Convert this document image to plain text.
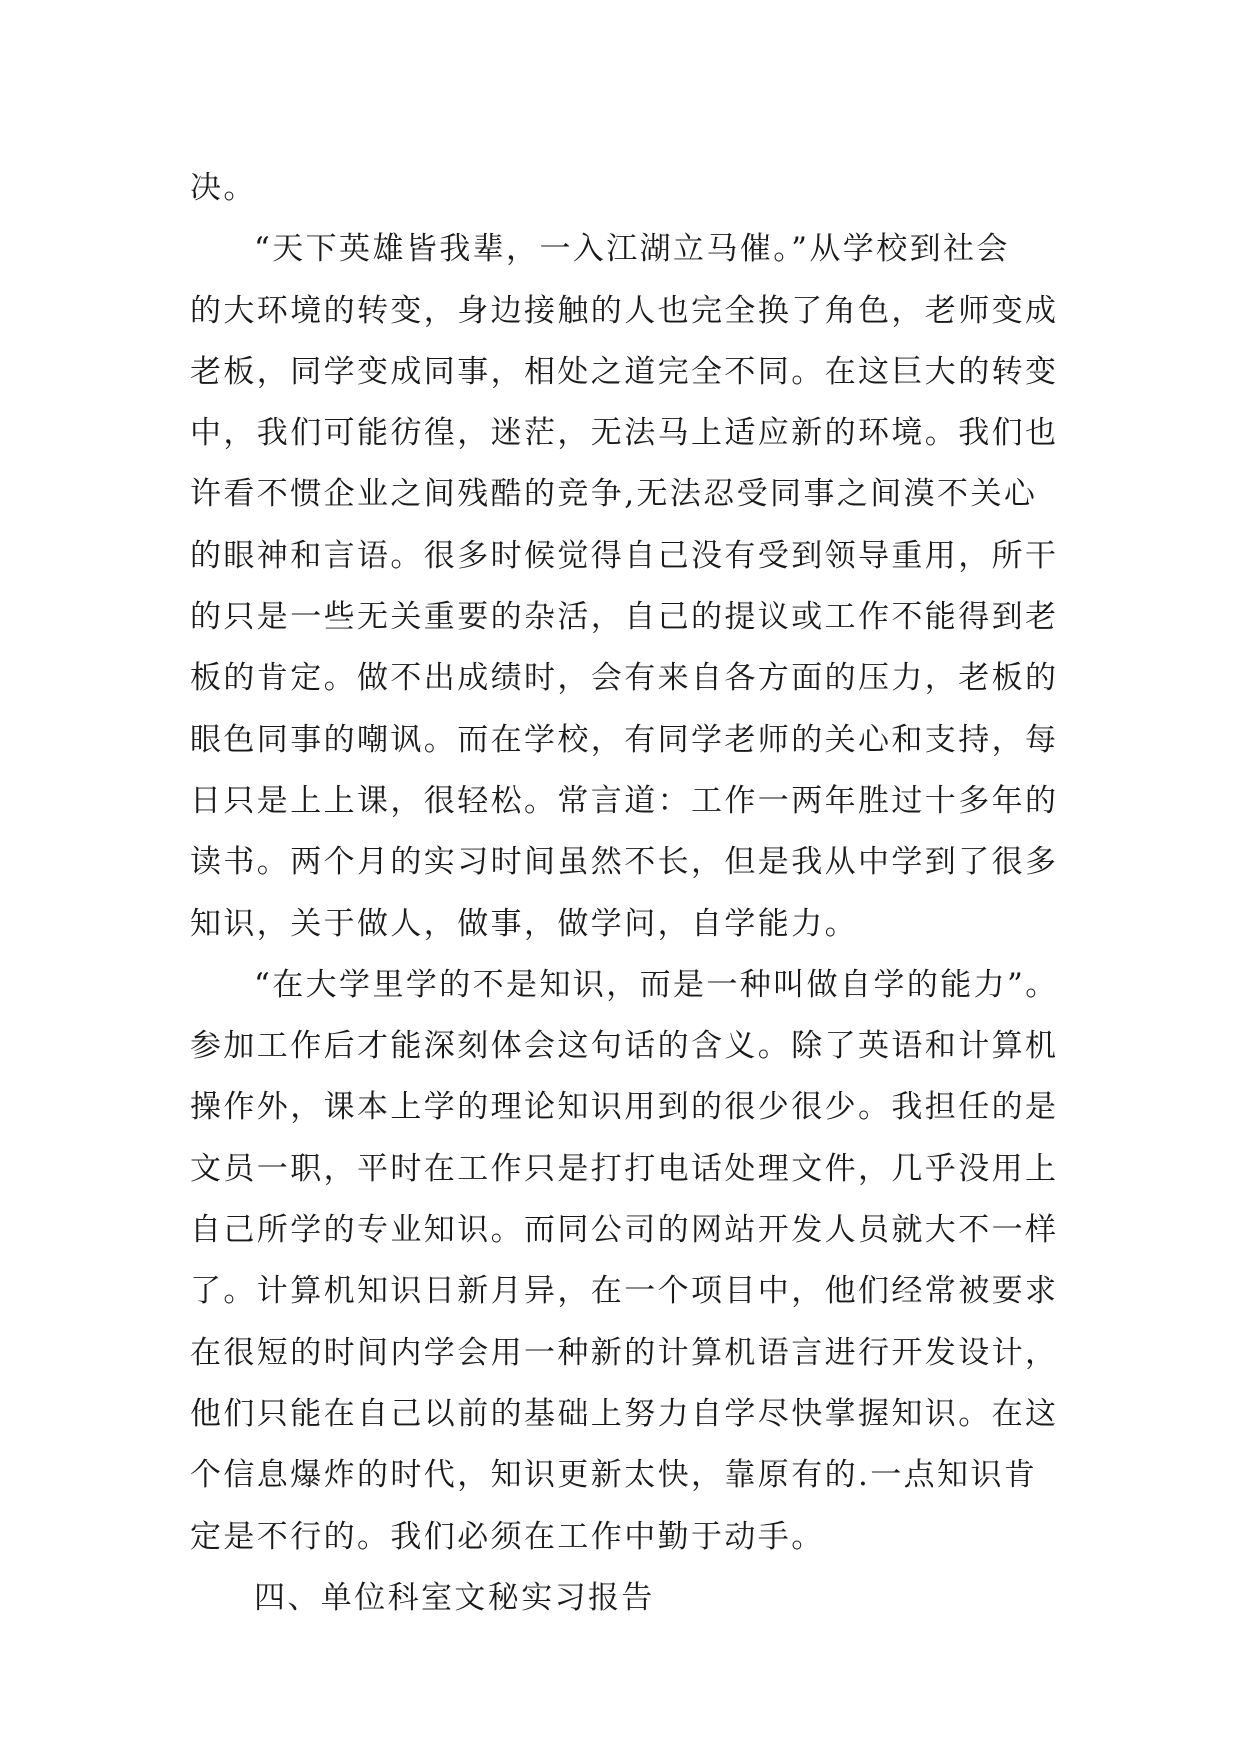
决。
“天下英雄皆我辈，一入江湖立马催。”从学校到社会
的大环境的转变，身边接触的人也完全换了角色，老师变成
老板，同学变成同事，相处之道完全不同。在这巨大的转变
中，我们可能彷徨，迷茫，无法马上适应新的环境。我们也
许看不惯企业之间残酷的竞争,无法忍受同事之间漠不关心
的眼神和言语。很多时候觉得自己没有受到领导重用，所干
的只是一些无关重要的杂活，自己的提议或工作不能得到老
板的肯定。做不出成绩时，会有来自各方面的压力，老板的
眼色同事的嘲讽。而在学校，有同学老师的关心和支持，每
日只是上上课，很轻松。常言道：工作一两年胜过十多年的
读书。两个月的实习时间虽然不长，但是我从中学到了很多
知识，关于做人，做事，做学问，自学能力。
“在大学里学的不是知识，而是一种叫做自学的能力”。
参加工作后才能深刻体会这句话的含义。除了英语和计算机
操作外，课本上学的理论知识用到的很少很少。我担任的是
文员一职，平时在工作只是打打电话处理文件，几乎没用上
自己所学的专业知识。而同公司的网站开发人员就大不一样
了。计算机知识日新月异，在一个项目中，他们经常被要求
在很短的时间内学会用一种新的计算机语言进行开发设计，
他们只能在自己以前的基础上努力自学尽快掌握知识。在这
个信息爆炸的时代，知识更新太快，靠原有的.一点知识肯
定是不行的。我们必须在工作中勤于动手。
四、单位科室文秘实习报告
